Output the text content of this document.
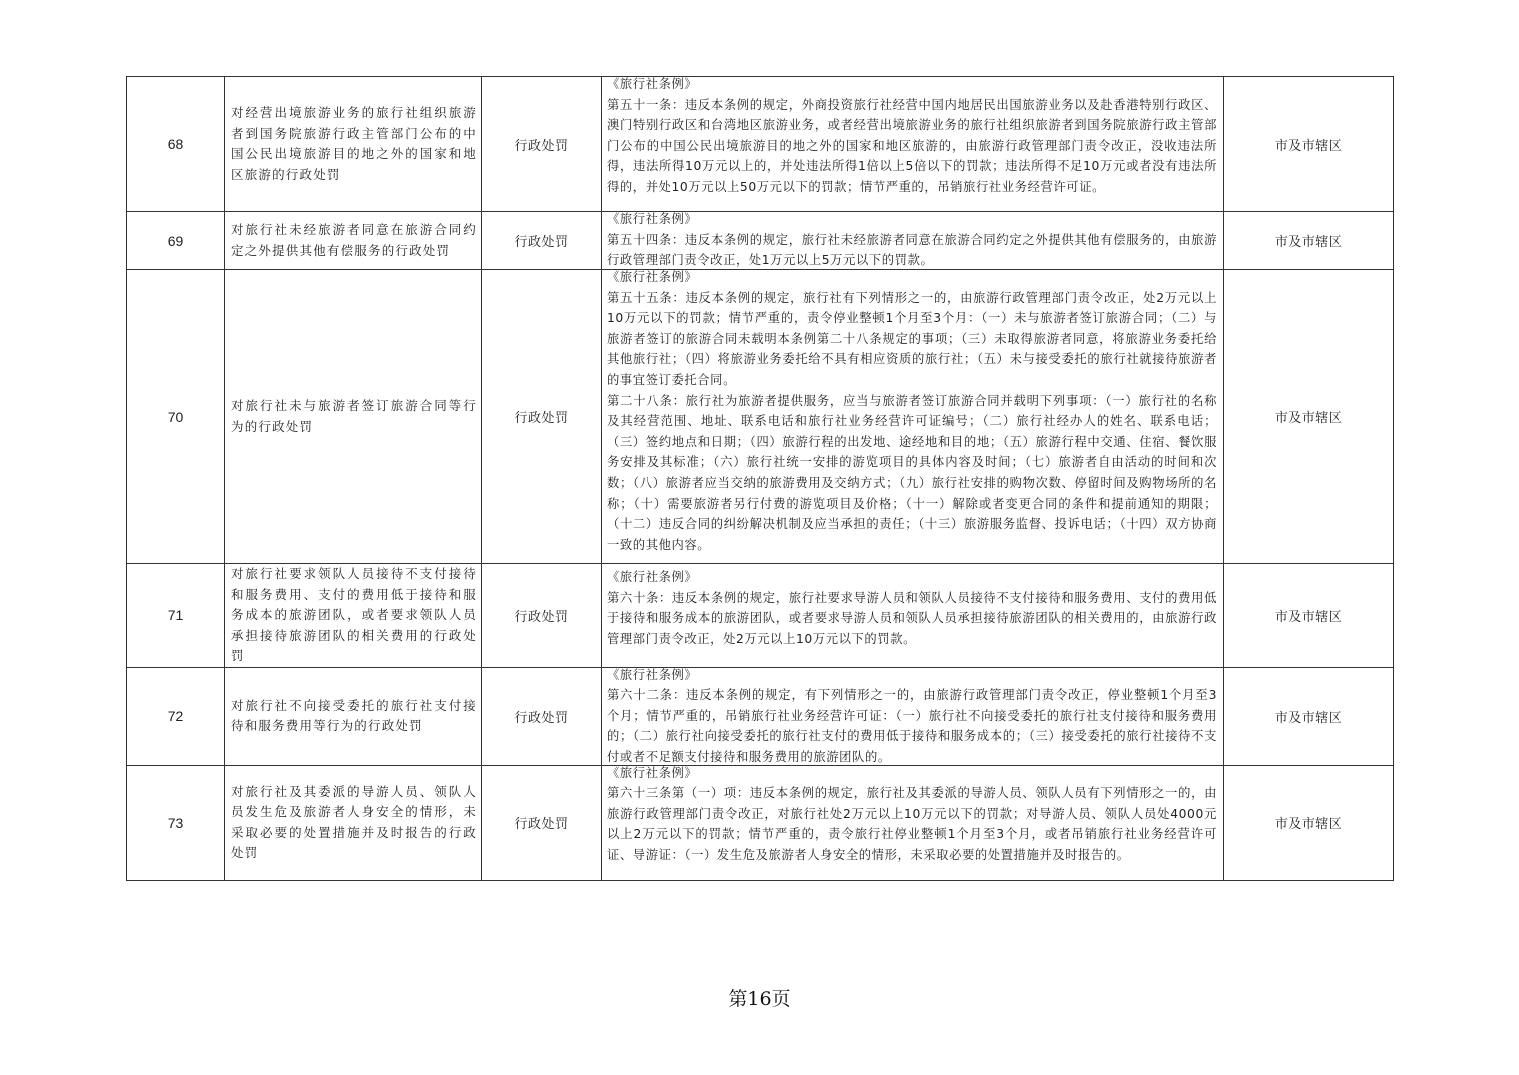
68	对经营出境旅游业务的旅行社组织旅游者到国务院旅游行政主管部门公布的中国公民出境旅游目的地之外的国家和地区旅游的行政处罚	行政处罚	《旅行社条例》
第五十一条：违反本条例的规定，外商投资旅行社经营中国内地居民出国旅游业务以及赴香港特别行政区、澳门特别行政区和台湾地区旅游业务，或者经营出境旅游业务的旅行社组织旅游者到国务院旅游行政主管部门公布的中国公民出境旅游目的地之外的国家和地区旅游的，由旅游行政管理部门责令改正，没收违法所得，违法所得10万元以上的，并处违法所得1倍以上5倍以下的罚款；违法所得不足10万元或者没有违法所得的，并处10万元以上50万元以下的罚款；情节严重的，吊销旅行社业务经营许可证。	市及市辖区
69	对旅行社未经旅游者同意在旅游合同约定之外提供其他有偿服务的行政处罚	行政处罚	《旅行社条例》
第五十四条：违反本条例的规定，旅行社未经旅游者同意在旅游合同约定之外提供其他有偿服务的，由旅游行政管理部门责令改正，处1万元以上5万元以下的罚款。	市及市辖区
70	对旅行社未与旅游者签订旅游合同等行为的行政处罚	行政处罚	《旅行社条例》
第五十五条：违反本条例的规定，旅行社有下列情形之一的，由旅游行政管理部门责令改正，处2万元以上10万元以下的罚款；情节严重的，责令停业整顿1个月至3个月：（一）未与旅游者签订旅游合同；（二）与旅游者签订的旅游合同未载明本条例第二十八条规定的事项；（三）未取得旅游者同意，将旅游业务委托给其他旅行社；（四）将旅游业务委托给不具有相应资质的旅行社；（五）未与接受委托的旅行社就接待旅游者的事宜签订委托合同。
第二十八条：旅行社为旅游者提供服务，应当与旅游者签订旅游合同并载明下列事项：（一）旅行社的名称及其经营范围、地址、联系电话和旅行社业务经营许可证编号；（二）旅行社经办人的姓名、联系电话；（三）签约地点和日期；（四）旅游行程的出发地、途经地和目的地；（五）旅游行程中交通、住宿、餐饮服务安排及其标准；（六）旅行社统一安排的游览项目的具体内容及时间；（七）旅游者自由活动的时间和次数；（八）旅游者应当交纳的旅游费用及交纳方式；（九）旅行社安排的购物次数、停留时间及购物场所的名称；（十）需要旅游者另行付费的游览项目及价格；（十一）解除或者变更合同的条件和提前通知的期限；（十二）违反合同的纠纷解决机制及应当承担的责任；（十三）旅游服务监督、投诉电话；（十四）双方协商一致的其他内容。	市及市辖区
71	对旅行社要求领队人员接待不支付接待和服务费用、支付的费用低于接待和服务成本的旅游团队，或者要求领队人员承担接待旅游团队的相关费用的行政处罚	行政处罚	《旅行社条例》
第六十条：违反本条例的规定，旅行社要求导游人员和领队人员接待不支付接待和服务费用、支付的费用低于接待和服务成本的旅游团队，或者要求导游人员和领队人员承担接待旅游团队的相关费用的，由旅游行政管理部门责令改正，处2万元以上10万元以下的罚款。	市及市辖区
72	对旅行社不向接受委托的旅行社支付接待和服务费用等行为的行政处罚	行政处罚	《旅行社条例》
第六十二条：违反本条例的规定，有下列情形之一的，由旅游行政管理部门责令改正，停业整顿1个月至3个月；情节严重的，吊销旅行社业务经营许可证：（一）旅行社不向接受委托的旅行社支付接待和服务费用的；（二）旅行社向接受委托的旅行社支付的费用低于接待和服务成本的；（三）接受委托的旅行社接待不支付或者不足额支付接待和服务费用的旅游团队的。	市及市辖区
73	对旅行社及其委派的导游人员、领队人员发生危及旅游者人身安全的情形，未采取必要的处置措施并及时报告的行政处罚	行政处罚	《旅行社条例》
第六十三条第（一）项：违反本条例的规定，旅行社及其委派的导游人员、领队人员有下列情形之一的，由旅游行政管理部门责令改正，对旅行社处2万元以上10万元以下的罚款；对导游人员、领队人员处4000元以上2万元以下的罚款；情节严重的，责令旅行社停业整顿1个月至3个月，或者吊销旅行社业务经营许可证、导游证：（一）发生危及旅游者人身安全的情形，未采取必要的处置措施并及时报告的。	市及市辖区
第16页
